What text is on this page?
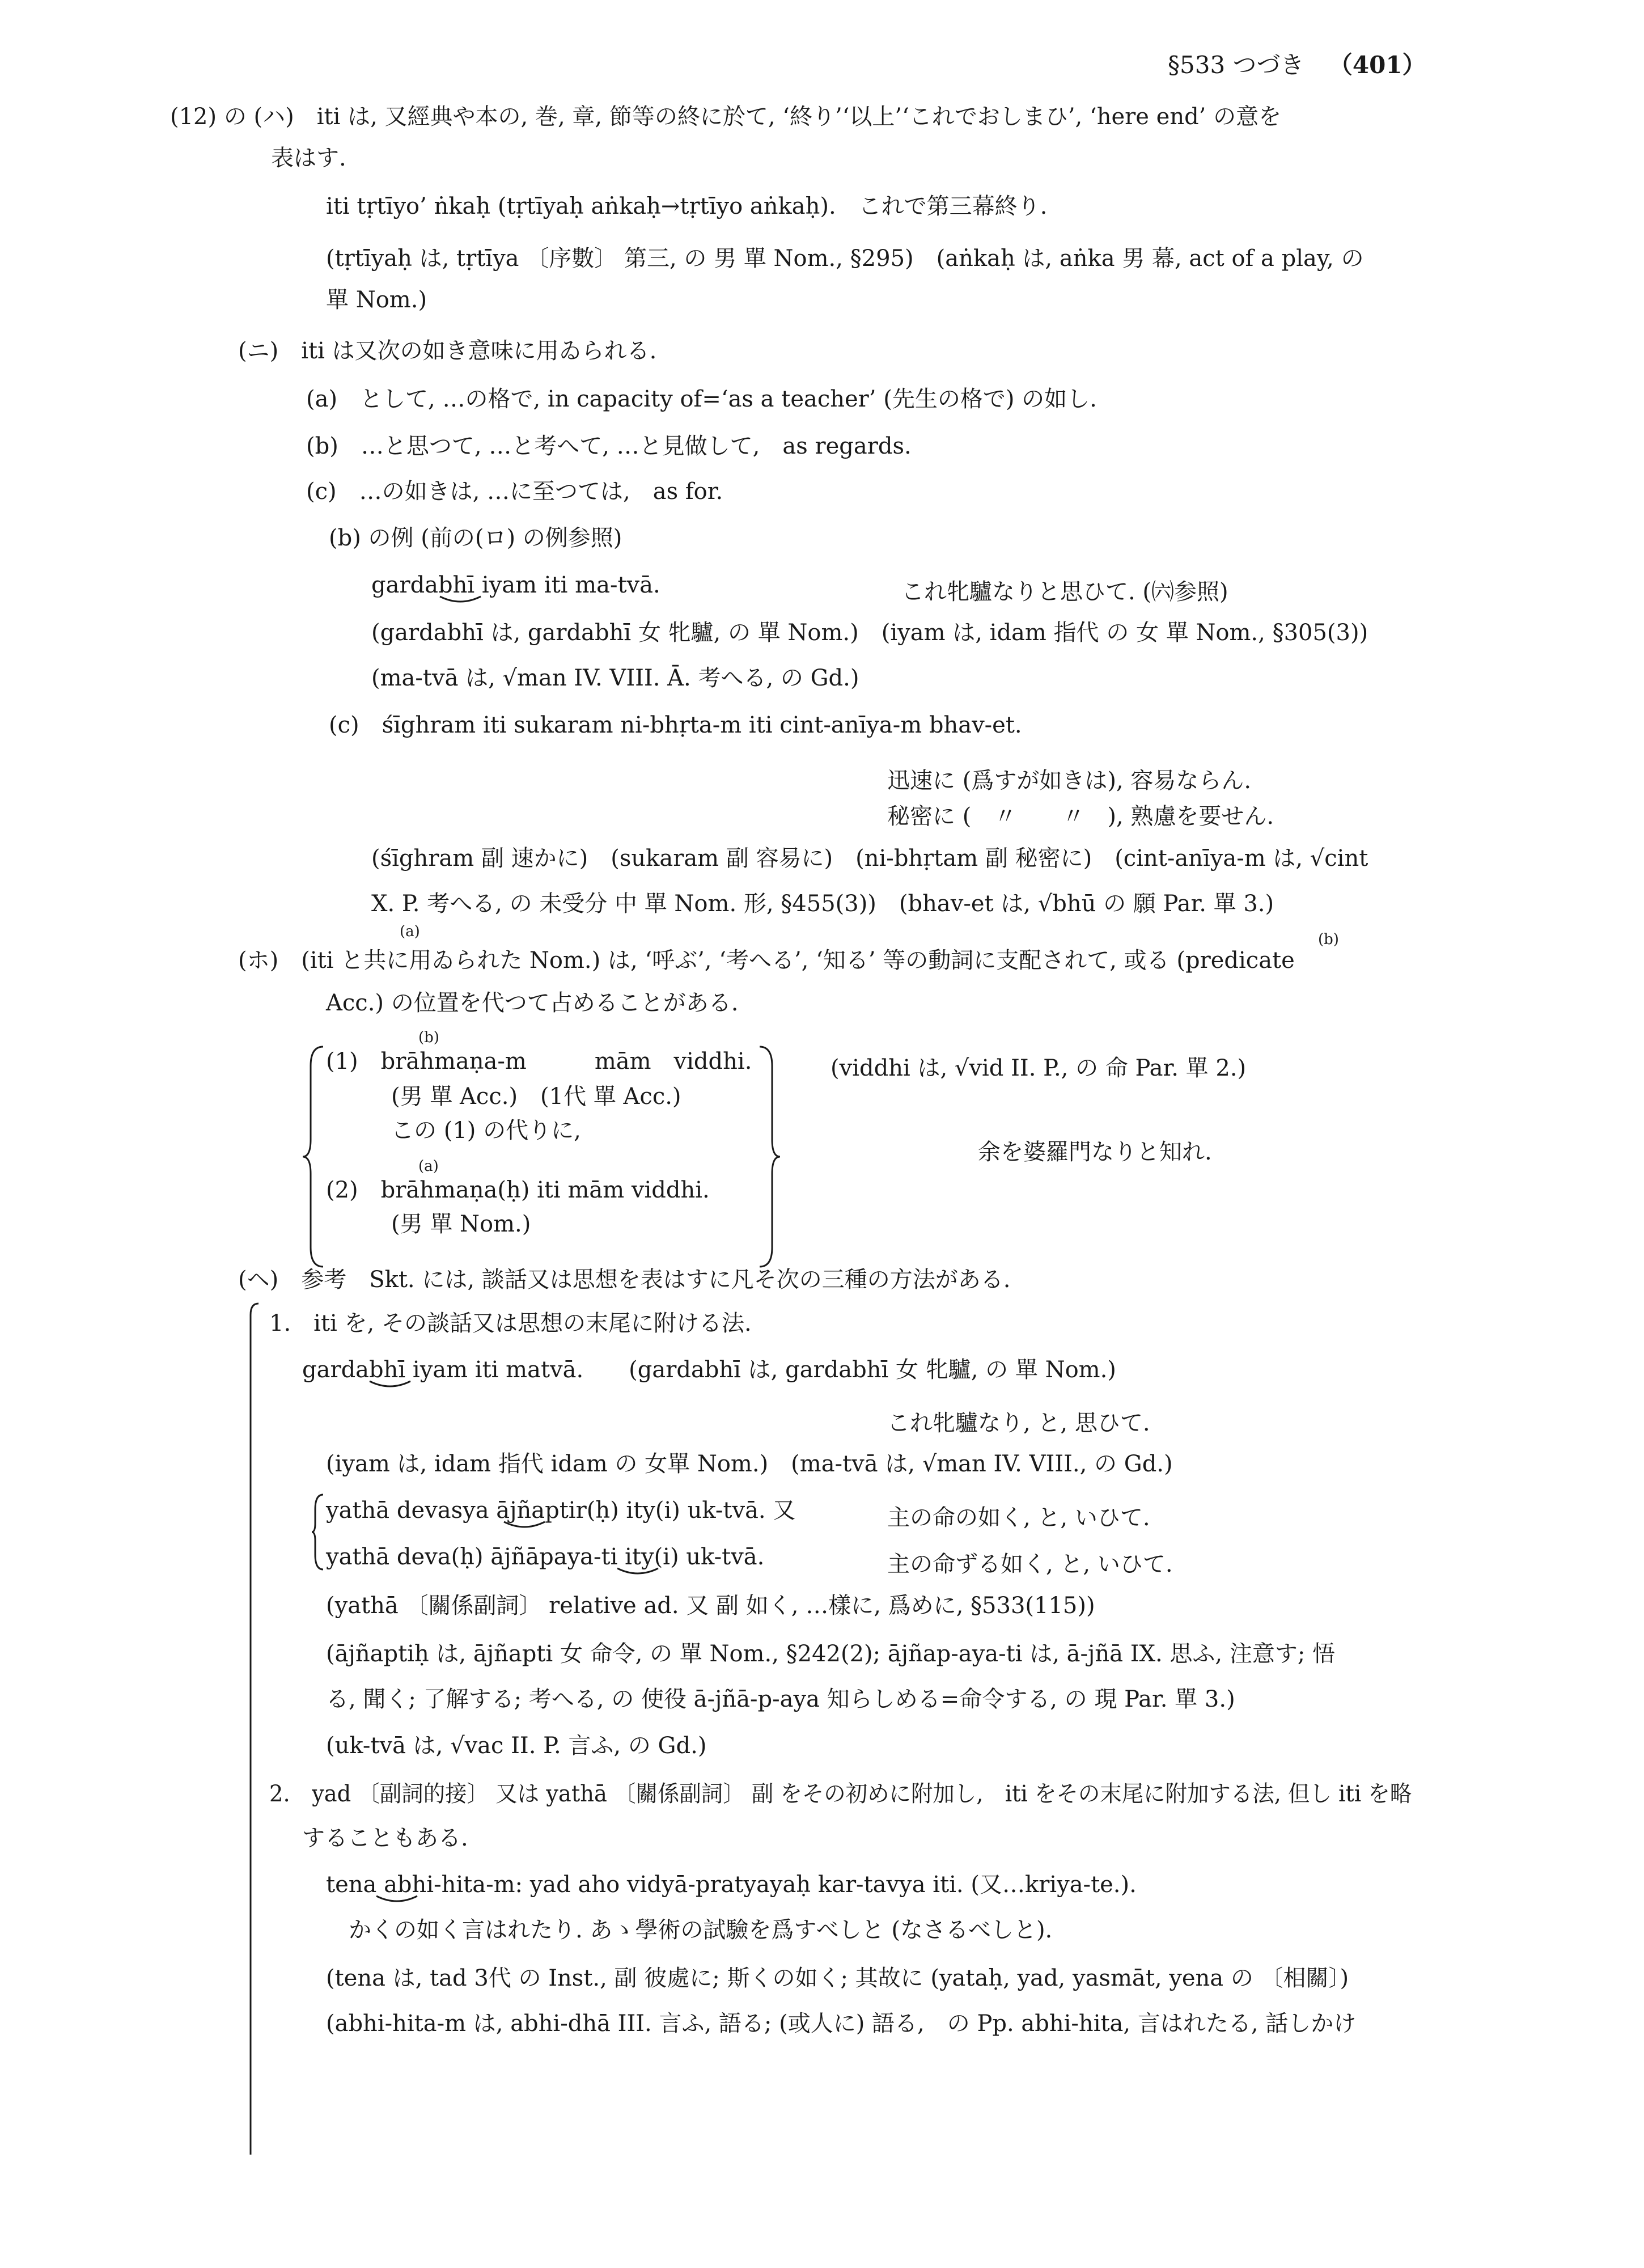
§533 つづき （401）
(12) の (ハ)　iti は, 又經典や本の, 巻, 章, 節等の終に於て, ‘終り’‘以上’‘これでおしまひ’, ‘here end’ の意を
表はす.
iti tṛtīyo’ ṅkaḥ (tṛtīyaḥ aṅkaḥ→tṛtīyo aṅkaḥ).　これで第三幕終り.
(tṛtīyaḥ は, tṛtīya 〔序數〕 第三, の 男 單 Nom., §295)　(aṅkaḥ は, aṅka 男 幕, act of a play, の
單 Nom.)
(ニ)　iti は又次の如き意味に用ゐられる.
(a)　として, …の格で, in capacity of=‘as a teacher’ (先生の格で) の如し.
(b)　…と思つて, …と考へて, …と見做して,　as regards.
(c)　…の如きは, …に至つては,　as for.
(b) の例 (前の(ロ) の例参照)
gardabhī iyam iti ma-tvā.	これ牝驢なりと思ひて. (㈥参照)
(gardabhī は, gardabhī 女 牝驢, の 單 Nom.)　(iyam は, idam 指代 の 女 單 Nom., §305(3))
(ma-tvā は, √man IV. VIII. Ā. 考へる, の Gd.)
(c)　śīghram iti sukaram ni-bhṛta-m iti cint-anīya-m bhav-et.
迅速に (爲すが如きは), 容易ならん.
秘密に (　〃　　〃　), 熟慮を要せん.
(śīghram 副 速かに)　(sukaram 副 容易に)　(ni-bhṛtam 副 秘密に)　(cint-anīya-m は, √cint
X. P. 考へる, の 未受分 中 單 Nom. 形, §455(3))　(bhav-et は, √bhū の 願 Par. 單 3.)
(a)	(b)
(ホ)　(iti と共に用ゐられた Nom.) は, ‘呼ぶ’, ‘考へる’, ‘知る’ 等の動詞に支配されて, 或る (predicate
Acc.) の位置を代つて占めることがある.
(b)
(1)　brāhmaṇa-m　　　mām　viddhi.	(viddhi は, √vid II. P., の 命 Par. 單 2.)
(男 單 Acc.)　(1代 單 Acc.)
この (1) の代りに,
余を婆羅門なりと知れ.
(a)
(2)　brāhmaṇa(ḥ) iti mām viddhi.
(男 單 Nom.)
(ヘ)　参考　Skt. には, 談話又は思想を表はすに凡そ次の三種の方法がある.
1.　iti を, その談話又は思想の末尾に附ける法.
gardabhī iyam iti matvā.　　(gardabhī は, gardabhī 女 牝驢, の 單 Nom.)
これ牝驢なり, と, 思ひて.
(iyam は, idam 指代 idam の 女單 Nom.)　(ma-tvā は, √man IV. VIII., の Gd.)
yathā devasya ājñaptir(ḥ) ity(i) uk-tvā. 又	主の命の如く, と, いひて.
yathā deva(ḥ) ājñāpaya-ti ity(i) uk-tvā.	主の命ずる如く, と, いひて.
(yathā 〔關係副詞〕 relative ad. 又 副 如く, …樣に, 爲めに, §533(115))
(ājñaptiḥ は, ājñapti 女 命令, の 單 Nom., §242(2); ājñap-aya-ti は, ā-jñā IX. 思ふ, 注意す; 悟
る, 聞く; 了解する; 考へる, の 使役 ā-jñā-p-aya 知らしめる=命令する, の 現 Par. 單 3.)
(uk-tvā は, √vac II. P. 言ふ, の Gd.)
2.　yad 〔副詞的接〕 又は yathā 〔關係副詞〕 副 をその初めに附加し,　iti をその末尾に附加する法, 但し iti を略
することもある.
tena abhi-hita-m: yad aho vidyā-pratyayaḥ kar-tavya iti. (又…kriya-te.).
かくの如く言はれたり. あゝ學術の試驗を爲すべしと (なさるべしと).
(tena は, tad 3代 の Inst., 副 彼處に; 斯くの如く; 其故に (yataḥ, yad, yasmāt, yena の 〔相關〕)
(abhi-hita-m は, abhi-dhā III. 言ふ, 語る; (或人に) 語る,　の Pp. abhi-hita, 言はれたる, 話しかけ
